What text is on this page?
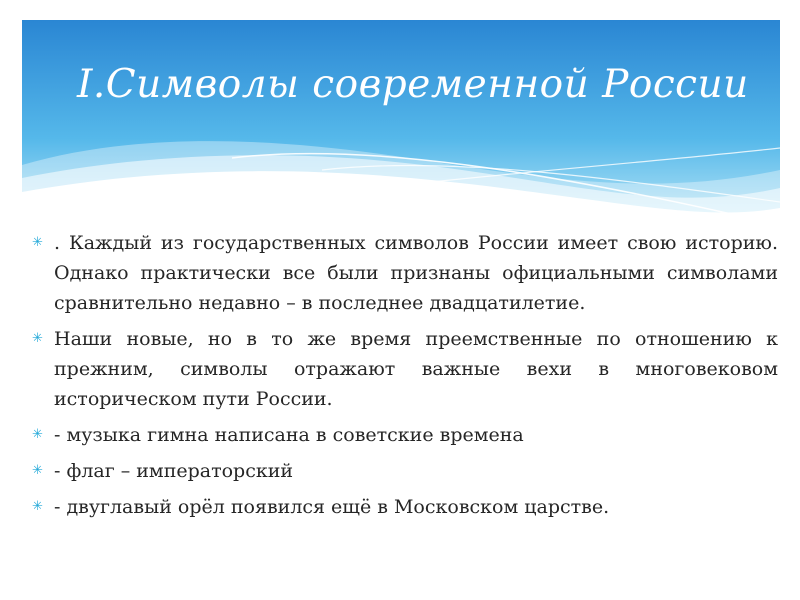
I.Символы современной России
✳ . Каждый из государственных символов России имеет свою историю. Однако практически все были признаны официальными символами сравнительно недавно – в последнее двадцатилетие.
✳ Наши новые, но в то же время преемственные по отношению к прежним, символы отражают важные вехи в многовековом историческом пути России.
✳ - музыка гимна написана в советские времена
✳ - флаг – императорский
✳ - двуглавый орёл появился ещё в Московском царстве.
